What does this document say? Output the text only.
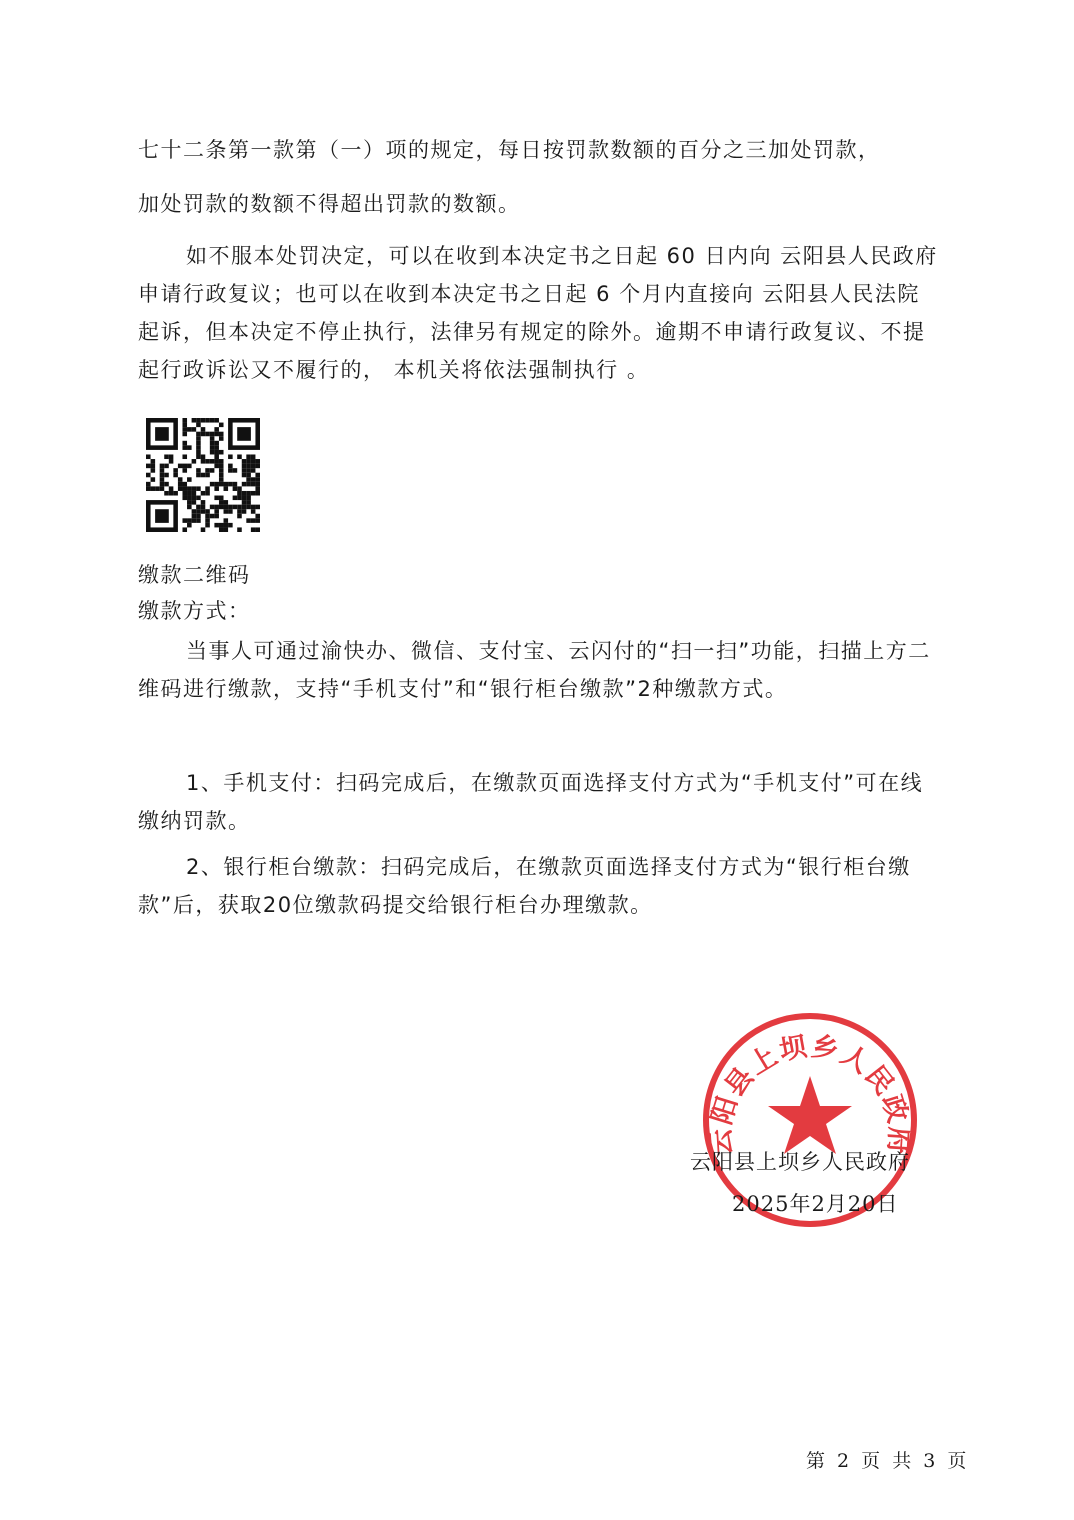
七十二条第一款第（一）项的规定，每日按罚款数额的百分之三加处罚款，

加处罚款的数额不得超出罚款的数额。

如不服本处罚决定，可以在收到本决定书之日起 60 日内向 云阳县人民政府 申请行政复议；也可以在收到本决定书之日起 6 个月内直接向 云阳县人民法院 起诉，但本决定不停止执行，法律另有规定的除外。逾期不申请行政复议、不提起行政诉讼又不履行的， 本机关将依法强制执行 。

缴款二维码

缴款方式：

当事人可通过渝快办、微信、支付宝、云闪付的“扫一扫”功能，扫描上方二维码进行缴款，支持“手机支付”和“银行柜台缴款”2种缴款方式。

1、手机支付：扫码完成后，在缴款页面选择支付方式为“手机支付”可在线缴纳罚款。

2、银行柜台缴款：扫码完成后，在缴款页面选择支付方式为“银行柜台缴款”后，获取20位缴款码提交给银行柜台办理缴款。

云阳县上坝乡人民政府
云阳县上坝乡人民政府
2025年2月20日
第 2 页 共 3 页
